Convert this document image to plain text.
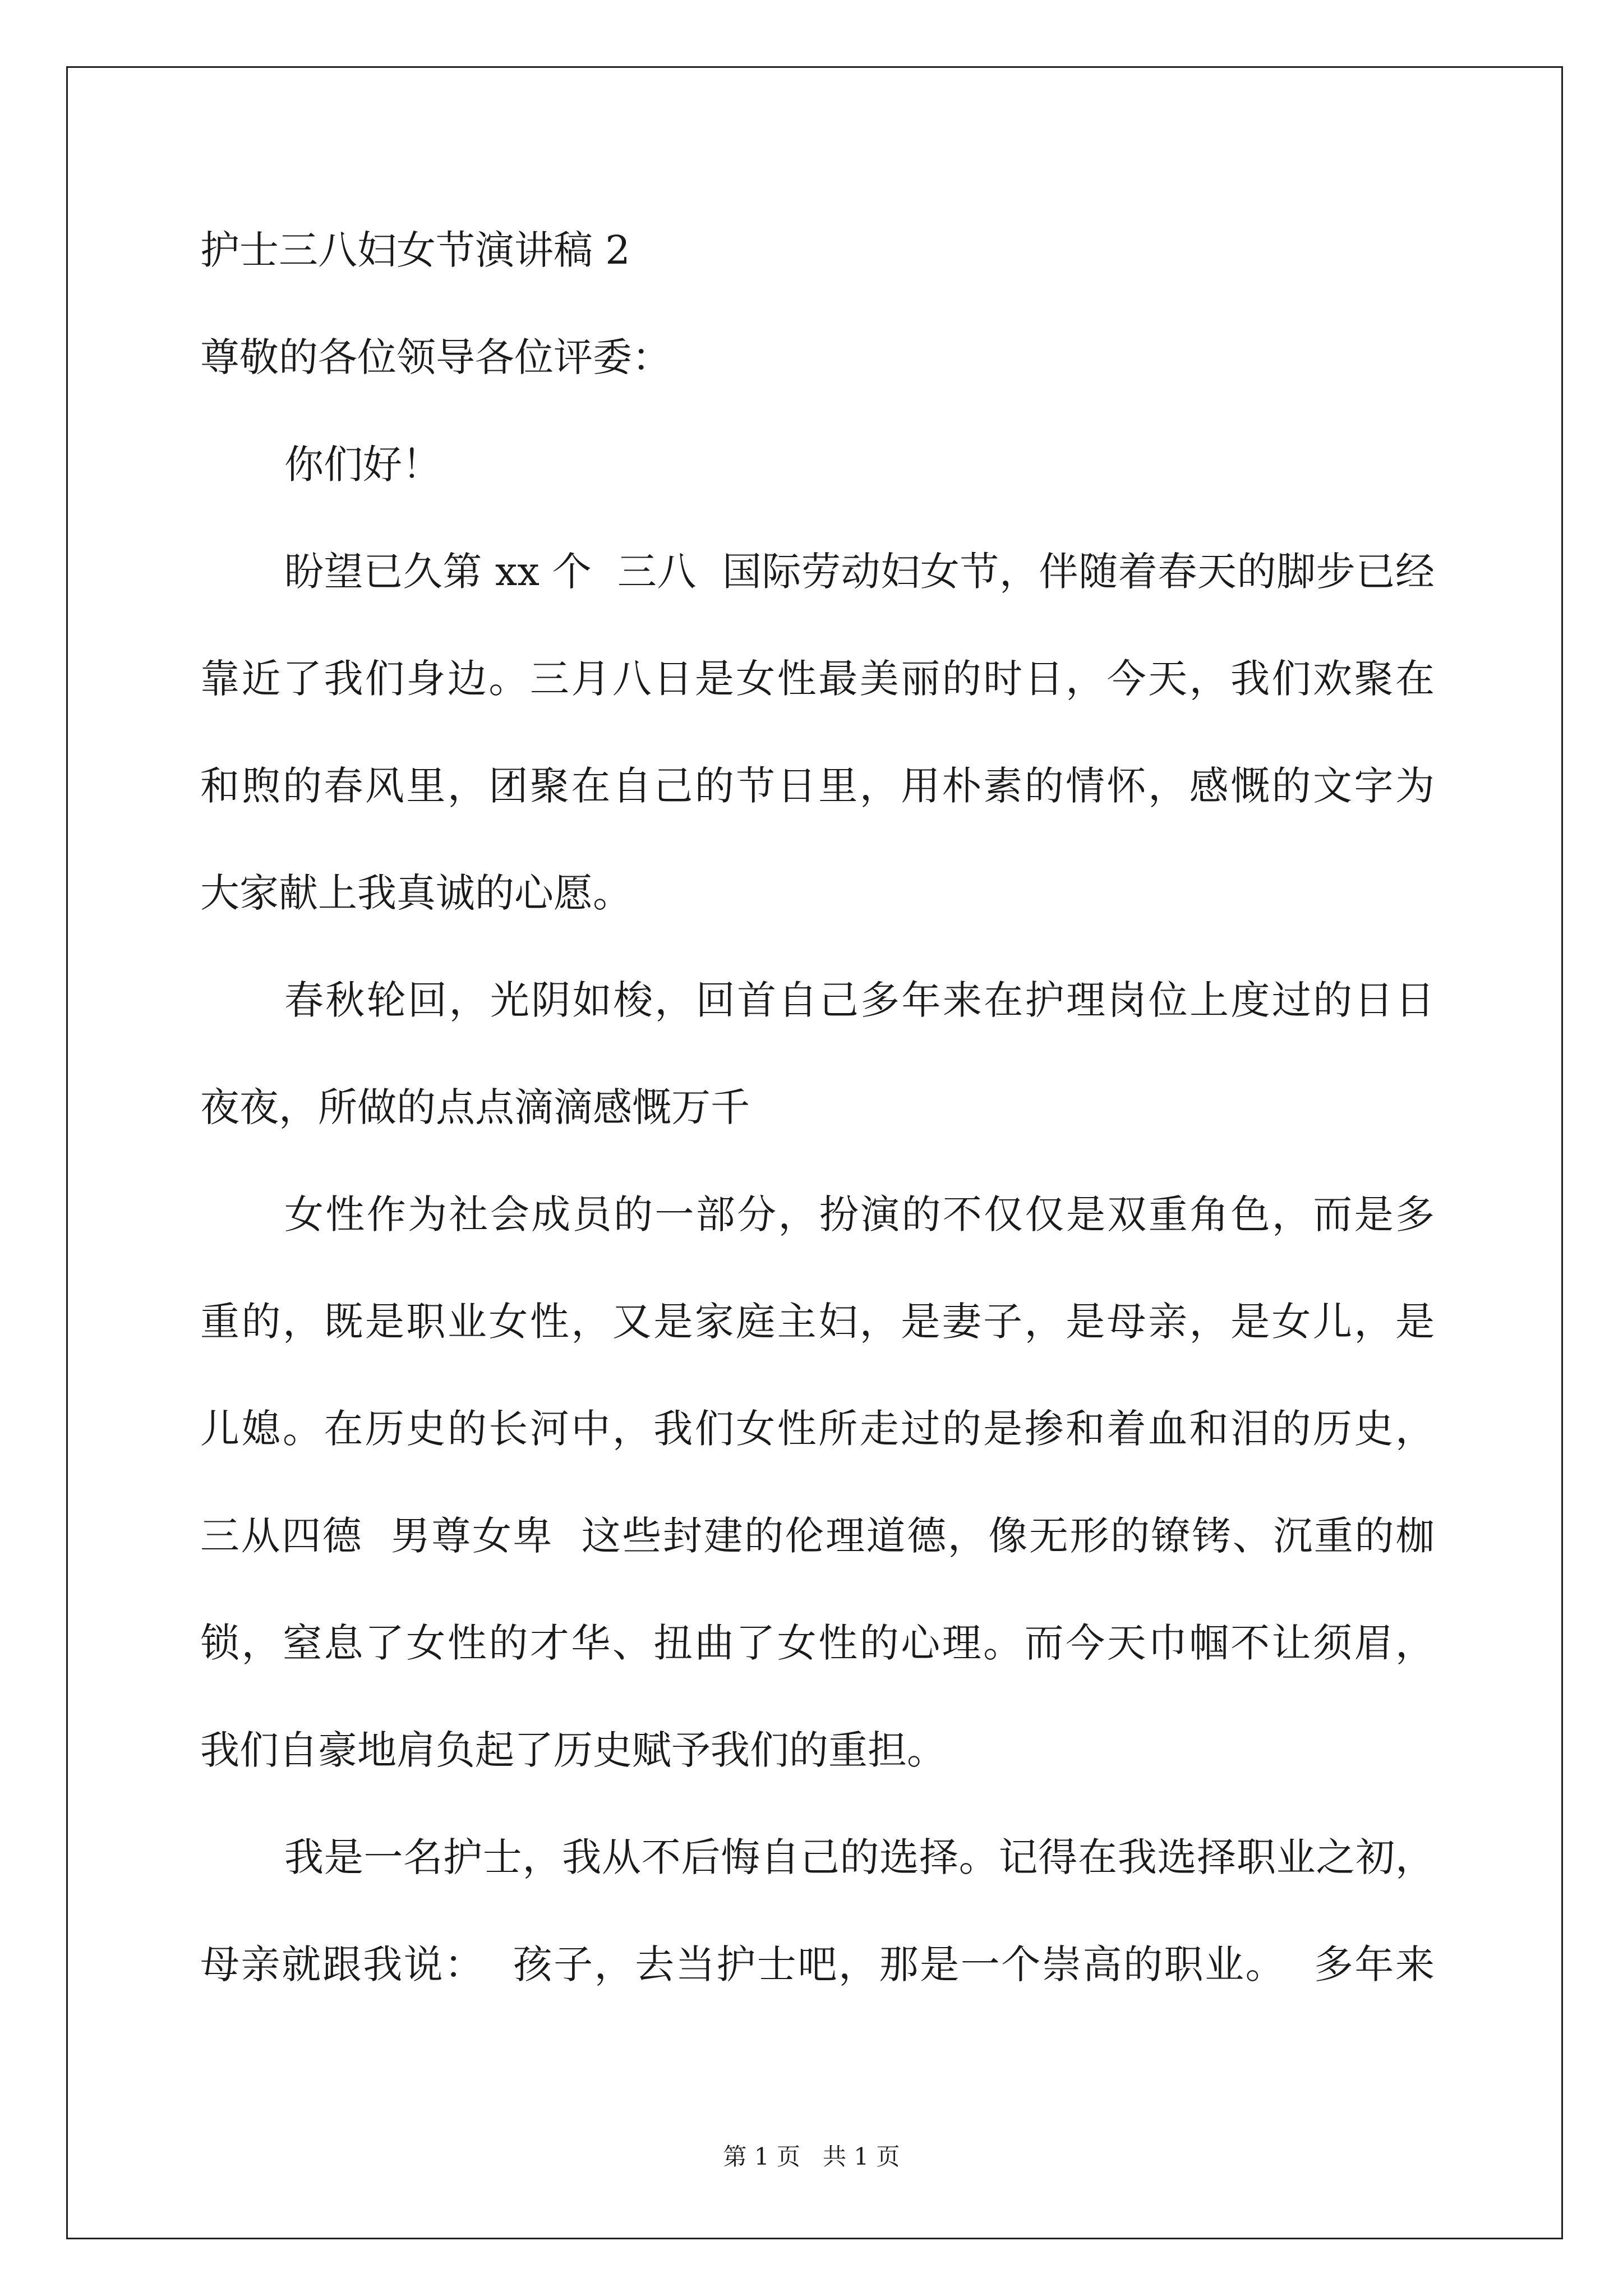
护士三八妇女节演讲稿 2
尊敬的各位领导各位评委：
你们好！
盼望已久第 xx 个  三八  国际劳动妇女节，伴随着春天的脚步已经
靠近了我们身边。三月八日是女性最美丽的时日，今天，我们欢聚在
和煦的春风里，团聚在自己的节日里，用朴素的情怀，感慨的文字为
大家献上我真诚的心愿。
春秋轮回，光阴如梭，回首自己多年来在护理岗位上度过的日日
夜夜，所做的点点滴滴感慨万千
女性作为社会成员的一部分，扮演的不仅仅是双重角色，而是多
重的，既是职业女性，又是家庭主妇，是妻子，是母亲，是女儿，是
儿媳。在历史的长河中，我们女性所走过的是掺和着血和泪的历史，
三从四德  男尊女卑  这些封建的伦理道德，像无形的镣铐、沉重的枷
锁，窒息了女性的才华、扭曲了女性的心理。而今天巾帼不让须眉，
我们自豪地肩负起了历史赋予我们的重担。
我是一名护士，我从不后悔自己的选择。记得在我选择职业之初，
母亲就跟我说：  孩子，去当护士吧，那是一个崇高的职业。  多年来
第 1 页   共 1 页
